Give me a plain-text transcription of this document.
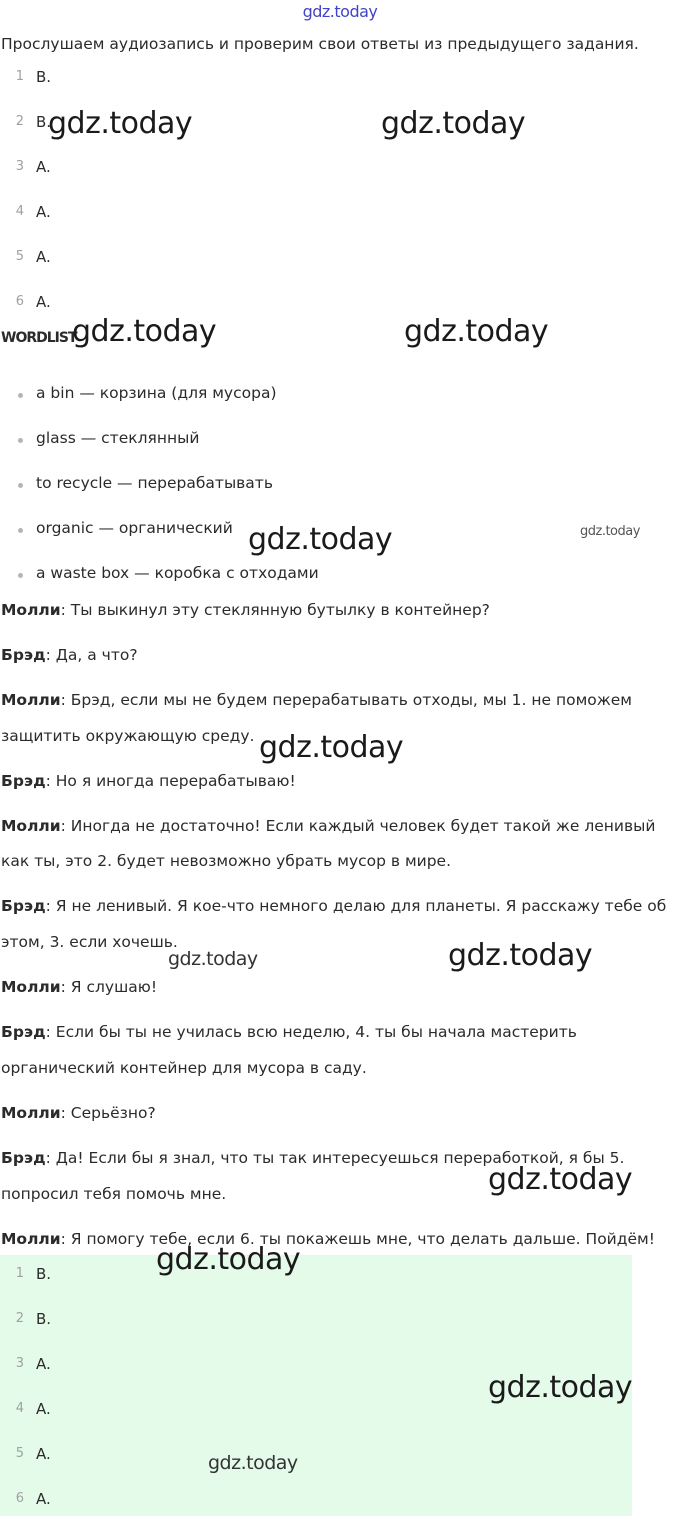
gdz.today
Прослушаем аудиозапись и проверим свои ответы из предыдущего задания.
1 B.
2 B.
3 A.
4 A.
5 A.
6 A.
WORDLIST
a bin — корзина (для мусора)
glass — стеклянный
to recycle — перерабатывать
organic — органический
a waste box — коробка с отходами
Молли: Ты выкинул эту стеклянную бутылку в контейнер?
Брэд: Да, а что?
Молли: Брэд, если мы не будем перерабатывать отходы, мы 1. не поможем
защитить окружающую среду.
Брэд: Но я иногда перерабатываю!
Молли: Иногда не достаточно! Если каждый человек будет такой же ленивый
как ты, это 2. будет невозможно убрать мусор в мире.
Брэд: Я не ленивый. Я кое-что немного делаю для планеты. Я расскажу тебе об
этом, 3. если хочешь.
Молли: Я слушаю!
Брэд: Если бы ты не училась всю неделю, 4. ты бы начала мастерить
органический контейнер для мусора в саду.
Молли: Серьёзно?
Брэд: Да! Если бы я знал, что ты так интересуешься переработкой, я бы 5.
попросил тебя помочь мне.
Молли: Я помогу тебе, если 6. ты покажешь мне, что делать дальше. Пойдём!
1 B.
2 B.
3 A.
4 A.
5 A.
6 A.
gdz.today	gdz.today
gdz.today	gdz.today
gdz.today	gdz.today
gdz.today
gdz.today	gdz.today
gdz.today
gdz.today
gdz.today
gdz.today
